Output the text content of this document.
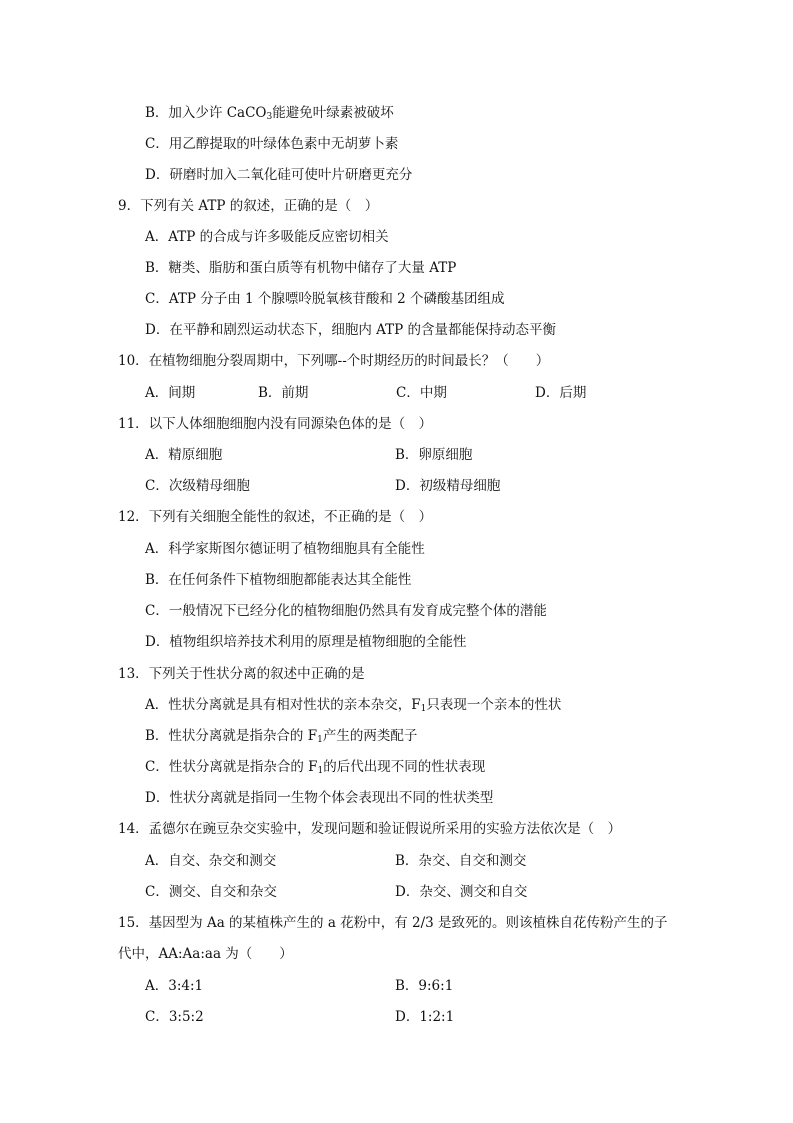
B．加入少许 CaCO$_3$能避免叶绿素被破坏
C．用乙醇提取的叶绿体色素中无胡萝卜素
D．研磨时加入二氧化硅可使叶片研磨更充分
9．下列有关 ATP 的叙述，正确的是（　）
A．ATP 的合成与许多吸能反应密切相关
B．糖类、脂肪和蛋白质等有机物中储存了大量 ATP
C．ATP 分子由 1 个腺嘌呤脱氧核苷酸和 2 个磷酸基团组成
D．在平静和剧烈运动状态下，细胞内 ATP 的含量都能保持动态平衡
10．在植物细胞分裂周期中，下列哪--个时期经历的时间最长？（　　）
A．间期	B．前期	C．中期	D．后期
11．以下人体细胞细胞内没有同源染色体的是（　）
A．精原细胞	B．卵原细胞
C．次级精母细胞	D．初级精母细胞
12．下列有关细胞全能性的叙述，不正确的是（　）
A．科学家斯图尔德证明了植物细胞具有全能性
B．在任何条件下植物细胞都能表达其全能性
C．一般情况下已经分化的植物细胞仍然具有发育成完整个体的潜能
D．植物组织培养技术利用的原理是植物细胞的全能性
13．下列关于性状分离的叙述中正确的是
A．性状分离就是具有相对性状的亲本杂交，$F_1$只表现一个亲本的性状
B．性状分离就是指杂合的 $F_1$产生的两类配子
C．性状分离就是指杂合的 $F_1$的后代出现不同的性状表现
D．性状分离就是指同一生物个体会表现出不同的性状类型
14．孟德尔在豌豆杂交实验中，发现问题和验证假说所采用的实验方法依次是（　）
A．自交、杂交和测交	B．杂交、自交和测交
C．测交、自交和杂交	D．杂交、测交和自交
15．基因型为 Aa 的某植株产生的 a 花粉中，有 2/3 是致死的。则该植株自花传粉产生的子
代中，AA:Aa:aa 为（　　）
A．3:4:1	B．9:6:1
C．3:5:2	D．1:2:1
